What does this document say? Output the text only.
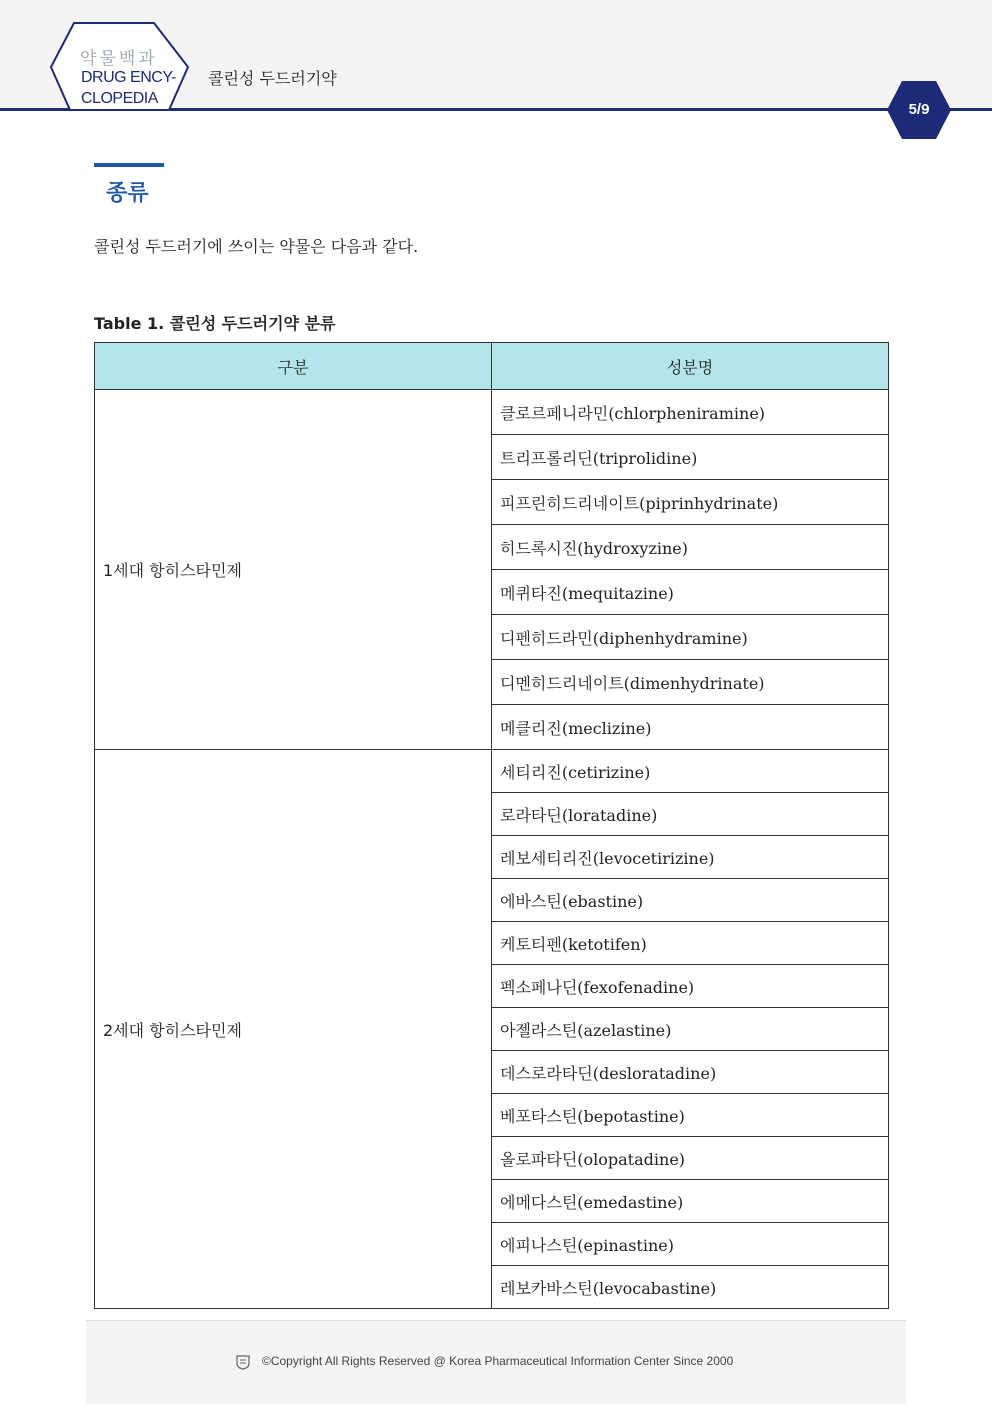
약물백과
DRUG ENCY-
CLOPEDIA
콜린성 두드러기약
5/9
종류
콜린성 두드러기에 쓰이는 약물은 다음과 같다.
Table 1. 콜린성 두드러기약 분류
구분	성분명
1세대 항히스타민제	클로르페니라민(chlorpheniramine)
	트리프롤리딘(triprolidine)
	피프린히드리네이트(piprinhydrinate)
	히드록시진(hydroxyzine)
	메퀴타진(mequitazine)
	디펜히드라민(diphenhydramine)
	디멘히드리네이트(dimenhydrinate)
	메클리진(meclizine)
2세대 항히스타민제	세티리진(cetirizine)
	로라타딘(loratadine)
	레보세티리진(levocetirizine)
	에바스틴(ebastine)
	케토티펜(ketotifen)
	펙소페나딘(fexofenadine)
	아젤라스틴(azelastine)
	데스로라타딘(desloratadine)
	베포타스틴(bepotastine)
	올로파타딘(olopatadine)
	에메다스틴(emedastine)
	에피나스틴(epinastine)
	레보카바스틴(levocabastine)
©Copyright All Rights Reserved @ Korea Pharmaceutical Information Center Since 2000
